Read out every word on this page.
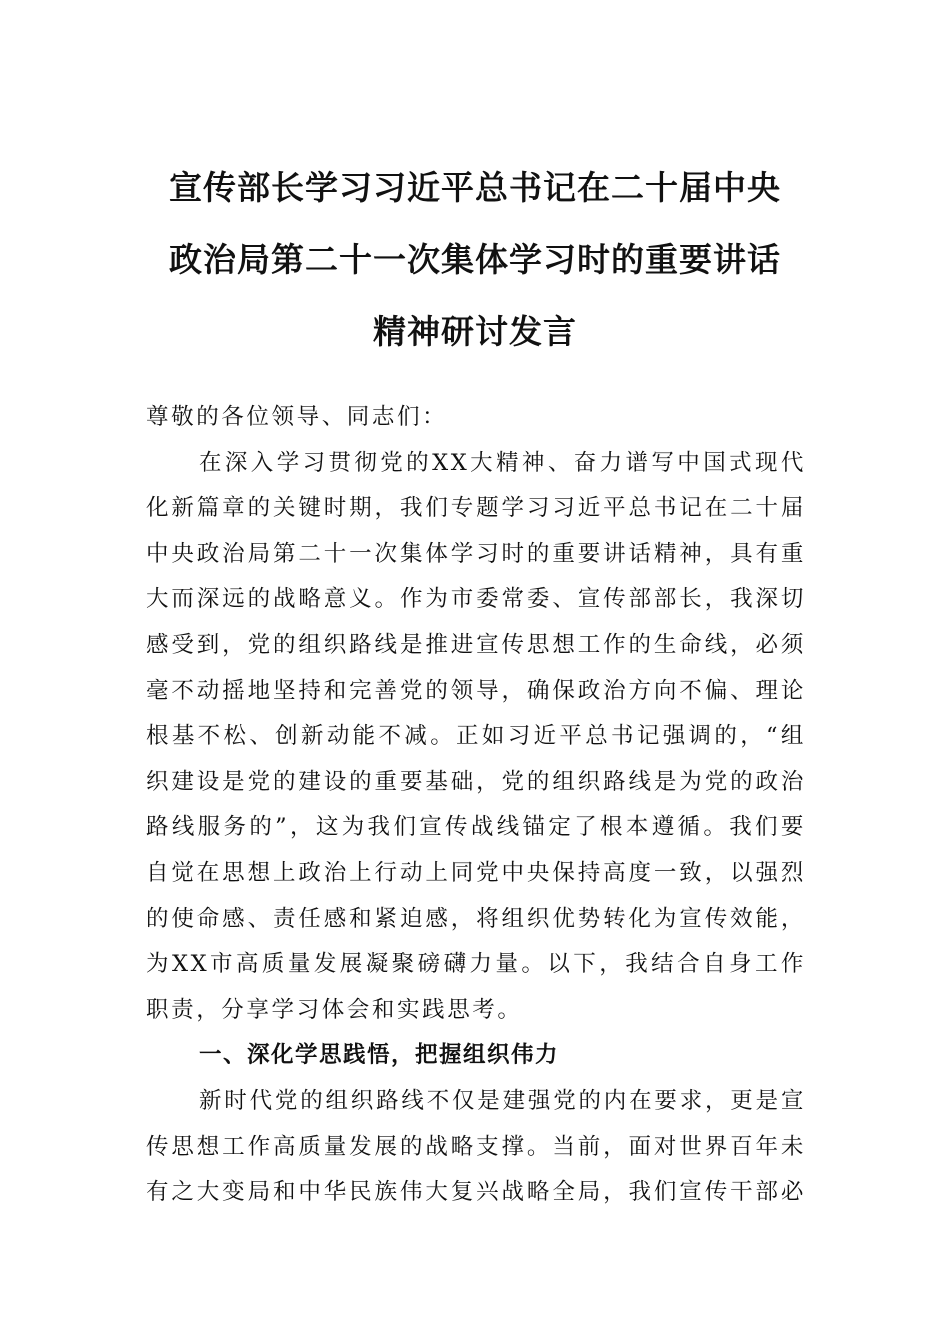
宣传部长学习习近平总书记在二十届中央
政治局第二十一次集体学习时的重要讲话
精神研讨发言
尊敬的各位领导、同志们：
在深入学习贯彻党的XX大精神、奋力谱写中国式现代
化新篇章的关键时期，我们专题学习习近平总书记在二十届
中央政治局第二十一次集体学习时的重要讲话精神，具有重
大而深远的战略意义。作为市委常委、宣传部部长，我深切
感受到，党的组织路线是推进宣传思想工作的生命线，必须
毫不动摇地坚持和完善党的领导，确保政治方向不偏、理论
根基不松、创新动能不减。正如习近平总书记强调的，“组
织建设是党的建设的重要基础，党的组织路线是为党的政治
路线服务的”，这为我们宣传战线锚定了根本遵循。我们要
自觉在思想上政治上行动上同党中央保持高度一致，以强烈
的使命感、责任感和紧迫感，将组织优势转化为宣传效能，
为XX市高质量发展凝聚磅礴力量。以下，我结合自身工作
职责，分享学习体会和实践思考。
一、深化学思践悟，把握组织伟力
新时代党的组织路线不仅是建强党的内在要求，更是宣
传思想工作高质量发展的战略支撑。当前，面对世界百年未
有之大变局和中华民族伟大复兴战略全局，我们宣传干部必
